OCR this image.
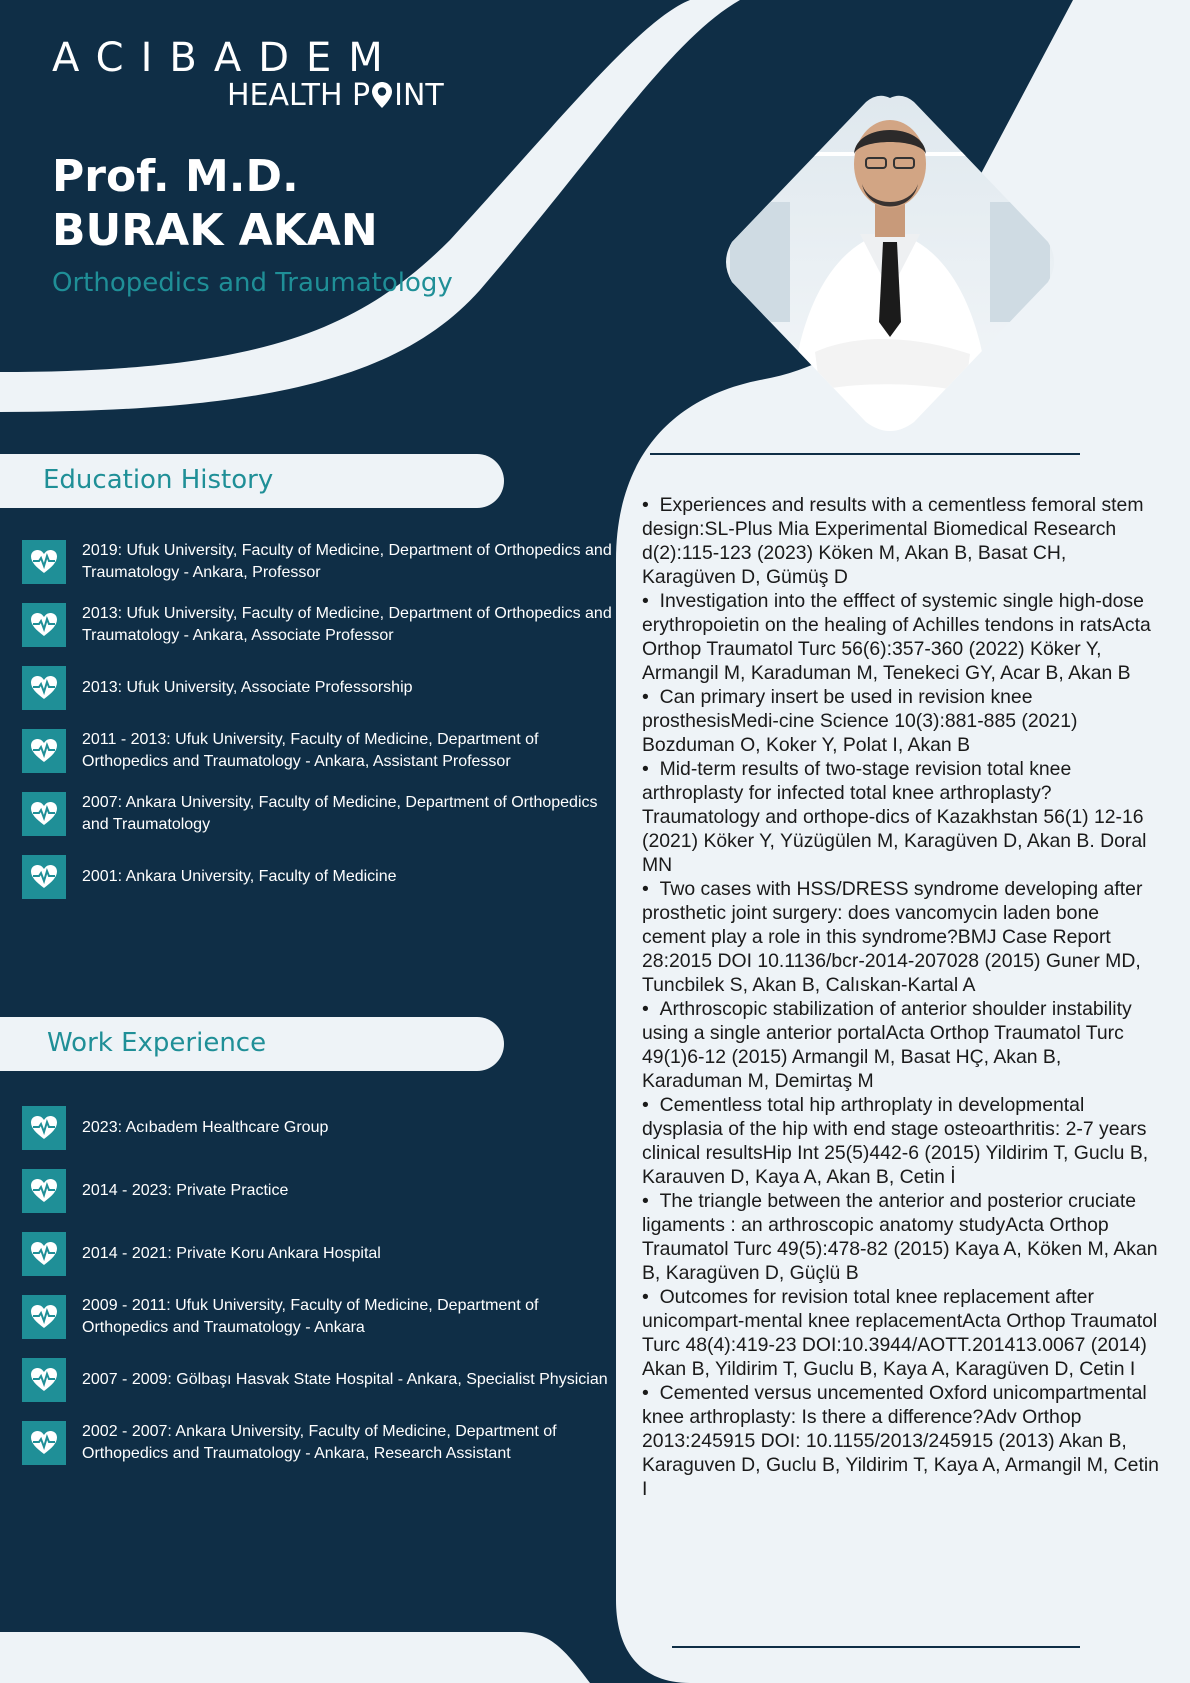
ACIBADEM
HEALTH P INT
Prof. M.D.
BURAK AKAN
Orthopedics and Traumatology
Education History
2019: Ufuk University, Faculty of Medicine, Department of Orthopedics and Traumatology - Ankara, Professor
2013: Ufuk University, Faculty of Medicine, Department of Orthopedics and Traumatology - Ankara, Associate Professor
2013: Ufuk University, Associate Professorship
2011 - 2013: Ufuk University, Faculty of Medicine, Department of Orthopedics and Traumatology - Ankara, Assistant Professor
2007: Ankara University, Faculty of Medicine, Department of Orthopedics and Traumatology
2001: Ankara University, Faculty of Medicine
Work Experience
2023: Acıbadem Healthcare Group
2014 - 2023: Private Practice
2014 - 2021: Private Koru Ankara Hospital
2009 - 2011: Ufuk University, Faculty of Medicine, Department of Orthopedics and Traumatology - Ankara
2007 - 2009: Gölbaşı Hasvak State Hospital - Ankara, Specialist Physician
2002 - 2007: Ankara University, Faculty of Medicine, Department of Orthopedics and Traumatology - Ankara, Research Assistant

•  Experiences and results with a cementless femoral stem design:SL-Plus Mia Experimental Biomedical Research d(2):115-123 (2023) Köken M, Akan B, Basat CH, Karagüven D, Gümüş D

•  Investigation into the efffect of systemic single high-dose erythropoietin on the healing of Achilles tendons in ratsActa Orthop Traumatol Turc 56(6):357-360 (2022) Köker Y, Armangil M, Karaduman M, Tenekeci GY, Acar B, Akan B

•  Can primary insert be used in revision knee prosthesisMedi-cine Science 10(3):881-885 (2021) Bozduman O, Koker Y, Polat I, Akan B

•  Mid-term results of two-stage revision total knee arthroplasty for infected total knee arthroplasty?Traumatology and orthope-dics of Kazakhstan 56(1) 12-16 (2021) Köker Y, Yüzügülen M, Karagüven D, Akan B. Doral MN

•  Two cases with HSS/DRESS syndrome developing after prosthetic joint surgery: does vancomycin laden bone cement play a role in this syndrome?BMJ Case Report 28:2015 DOI 10.1136/bcr-2014-207028 (2015) Guner MD, Tuncbilek S, Akan B, Calıskan-Kartal A

•  Arthroscopic stabilization of anterior shoulder instability using a single anterior portalActa Orthop Traumatol Turc 49(1)6-12 (2015) Armangil M, Basat HÇ, Akan B, Karaduman M, Demirtaş M

•  Cementless total hip arthroplaty in developmental dysplasia of the hip with end stage osteoarthritis: 2-7 years clinical resultsHip Int 25(5)442-6 (2015) Yildirim T, Guclu B, Karauven D, Kaya A, Akan B, Cetin İ

•  The triangle between the anterior and posterior cruciate ligaments : an arthroscopic anatomy studyActa Orthop Traumatol Turc 49(5):478-82 (2015) Kaya A, Köken M, Akan B, Karagüven D, Güçlü B

•  Outcomes for revision total knee replacement after unicompart-mental knee replacementActa Orthop Traumatol Turc 48(4):419-23 DOI:10.3944/AOTT.201413.0067 (2014) Akan B, Yildirim T, Guclu B, Kaya A, Karagüven D, Cetin I

•  Cemented versus uncemented Oxford unicompartmental knee arthroplasty: Is there a difference?Adv Orthop 2013:245915 DOI: 10.1155/2013/245915 (2013) Akan B, Karaguven D, Guclu B, Yildirim T, Kaya A, Armangil M, Cetin I
